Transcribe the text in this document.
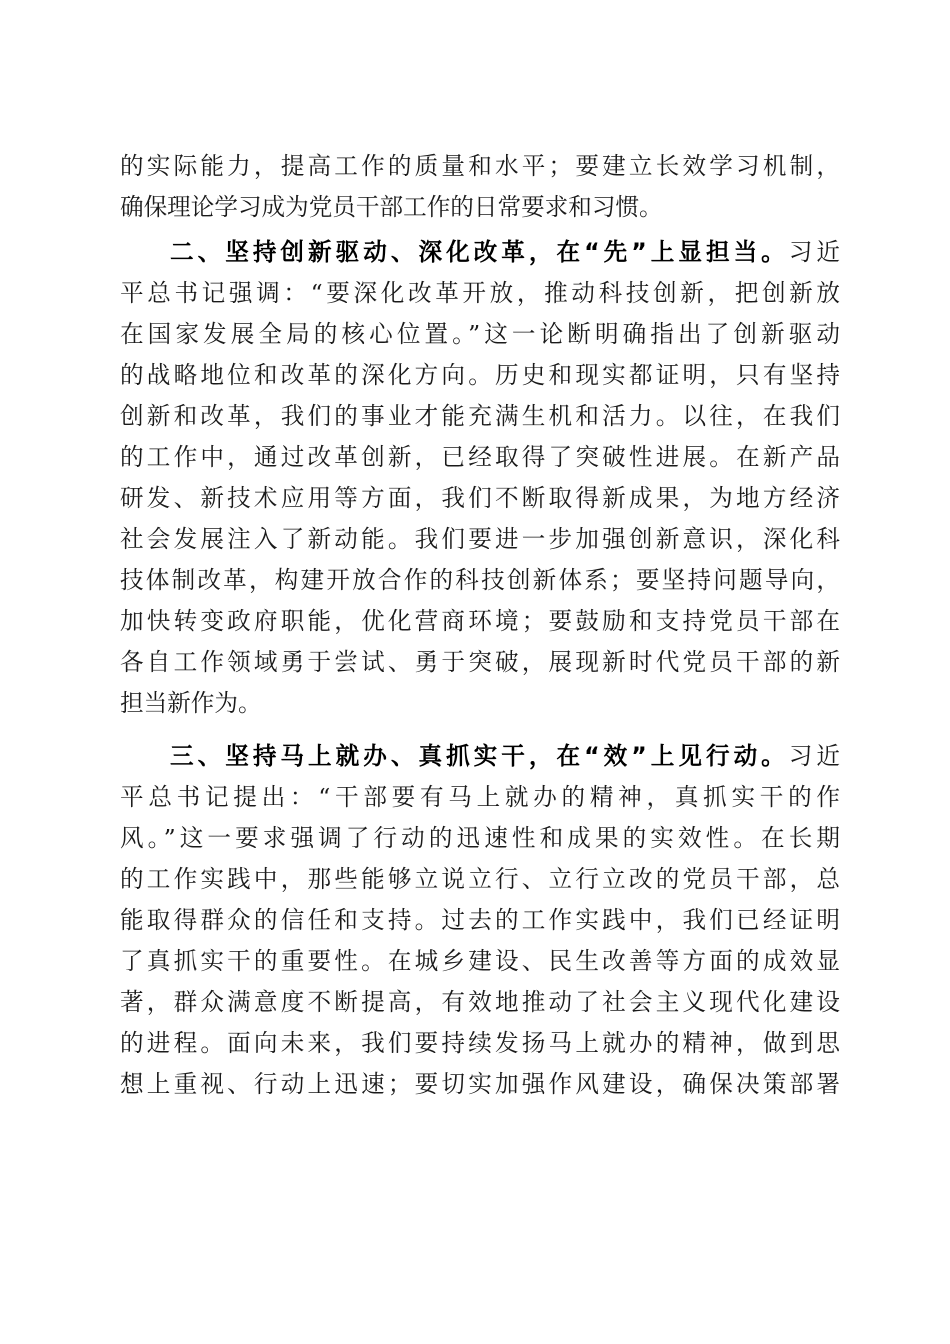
的实际能力，提高工作的质量和水平；要建立长效学习机制，
确保理论学习成为党员干部工作的日常要求和习惯。
二、坚持创新驱动、深化改革，在“先”上显担当。习近
平总书记强调：“要深化改革开放，推动科技创新，把创新放
在国家发展全局的核心位置。”这一论断明确指出了创新驱动
的战略地位和改革的深化方向。历史和现实都证明，只有坚持
创新和改革，我们的事业才能充满生机和活力。以往，在我们
的工作中，通过改革创新，已经取得了突破性进展。在新产品
研发、新技术应用等方面，我们不断取得新成果，为地方经济
社会发展注入了新动能。我们要进一步加强创新意识，深化科
技体制改革，构建开放合作的科技创新体系；要坚持问题导向，
加快转变政府职能，优化营商环境；要鼓励和支持党员干部在
各自工作领域勇于尝试、勇于突破，展现新时代党员干部的新
担当新作为。
三、坚持马上就办、真抓实干，在“效”上见行动。习近
平总书记提出：“干部要有马上就办的精神，真抓实干的作
风。”这一要求强调了行动的迅速性和成果的实效性。在长期
的工作实践中，那些能够立说立行、立行立改的党员干部，总
能取得群众的信任和支持。过去的工作实践中，我们已经证明
了真抓实干的重要性。在城乡建设、民生改善等方面的成效显
著，群众满意度不断提高，有效地推动了社会主义现代化建设
的进程。面向未来，我们要持续发扬马上就办的精神，做到思
想上重视、行动上迅速；要切实加强作风建设，确保决策部署
